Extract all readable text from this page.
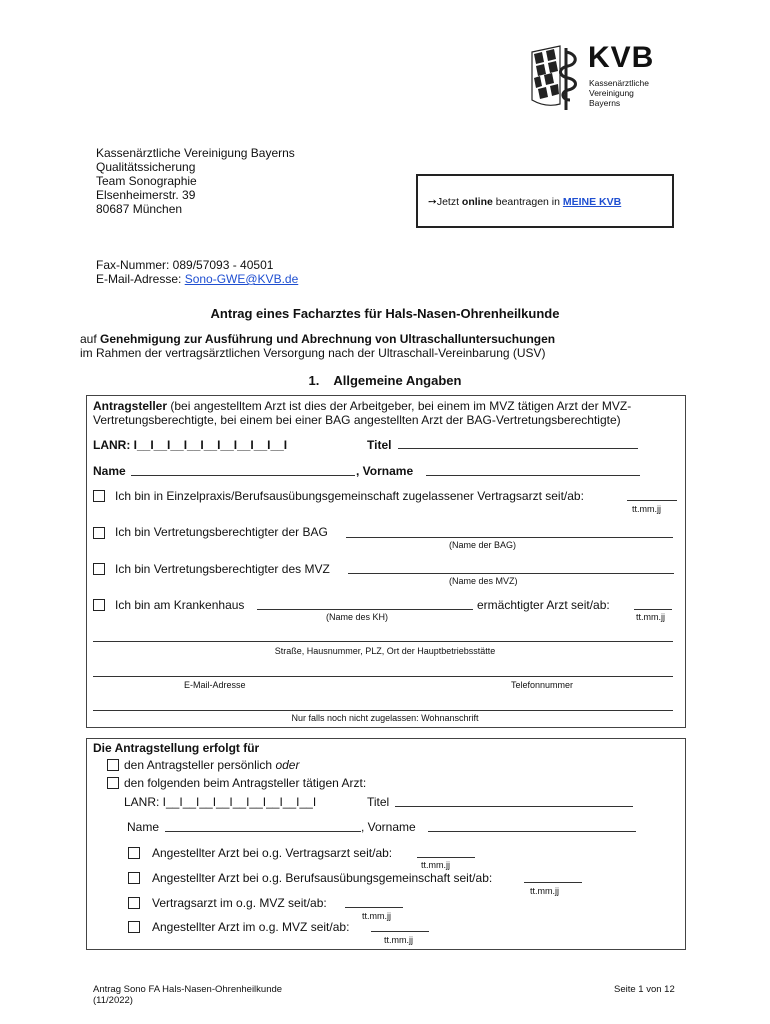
KVB
Kassenärztliche
Vereinigung
Bayerns
Kassenärztliche Vereinigung Bayerns
Qualitätssicherung
Team Sonographie
Elsenheimerstr. 39
80687 München	➙Jetzt online beantragen in MEINE KVB
Fax-Nummer: 089/57093 - 40501
E-Mail-Adresse: Sono-GWE@KVB.de
Antrag eines Facharztes für Hals-Nasen-Ohrenheilkunde
auf Genehmigung zur Ausführung und Abrechnung von Ultraschalluntersuchungen
im Rahmen der vertragsärztlichen Versorgung nach der Ultraschall-Vereinbarung (USV)
1.    Allgemeine Angaben
Antragsteller (bei angestelltem Arzt ist dies der Arbeitgeber, bei einem im MVZ tätigen Arzt der MVZ-
Vertretungsberechtigte, bei einem bei einer BAG angestellten Arzt der BAG-Vertretungsberechtigte)
LANR: I__I__I__I__I__I__I__I__I__I	Titel
Name	, Vorname
Ich bin in Einzelpraxis/Berufsausübungsgemeinschaft zugelassener Vertragsarzt seit/ab:
tt.mm.jj
Ich bin Vertretungsberechtigter der BAG
(Name der BAG)
Ich bin Vertretungsberechtigter des MVZ
(Name des MVZ)
Ich bin am Krankenhaus	ermächtigter Arzt seit/ab:
(Name des KH)	tt.mm.jj
Straße, Hausnummer, PLZ, Ort der Hauptbetriebsstätte
E-Mail-Adresse	Telefonnummer
Nur falls noch nicht zugelassen: Wohnanschrift
Die Antragstellung erfolgt für
den Antragsteller persönlich oder
den folgenden beim Antragsteller tätigen Arzt:
LANR: I__I__I__I__I__I__I__I__I__I	Titel
Name	, Vorname
Angestellter Arzt bei o.g. Vertragsarzt seit/ab:
tt.mm.jj
Angestellter Arzt bei o.g. Berufsausübungsgemeinschaft seit/ab:
tt.mm.jj
Vertragsarzt im o.g. MVZ seit/ab:
tt.mm.jj
Angestellter Arzt im o.g. MVZ seit/ab:
tt.mm.jj
Antrag Sono FA Hals-Nasen-Ohrenheilkunde
(11/2022)
Seite 1 von 12
